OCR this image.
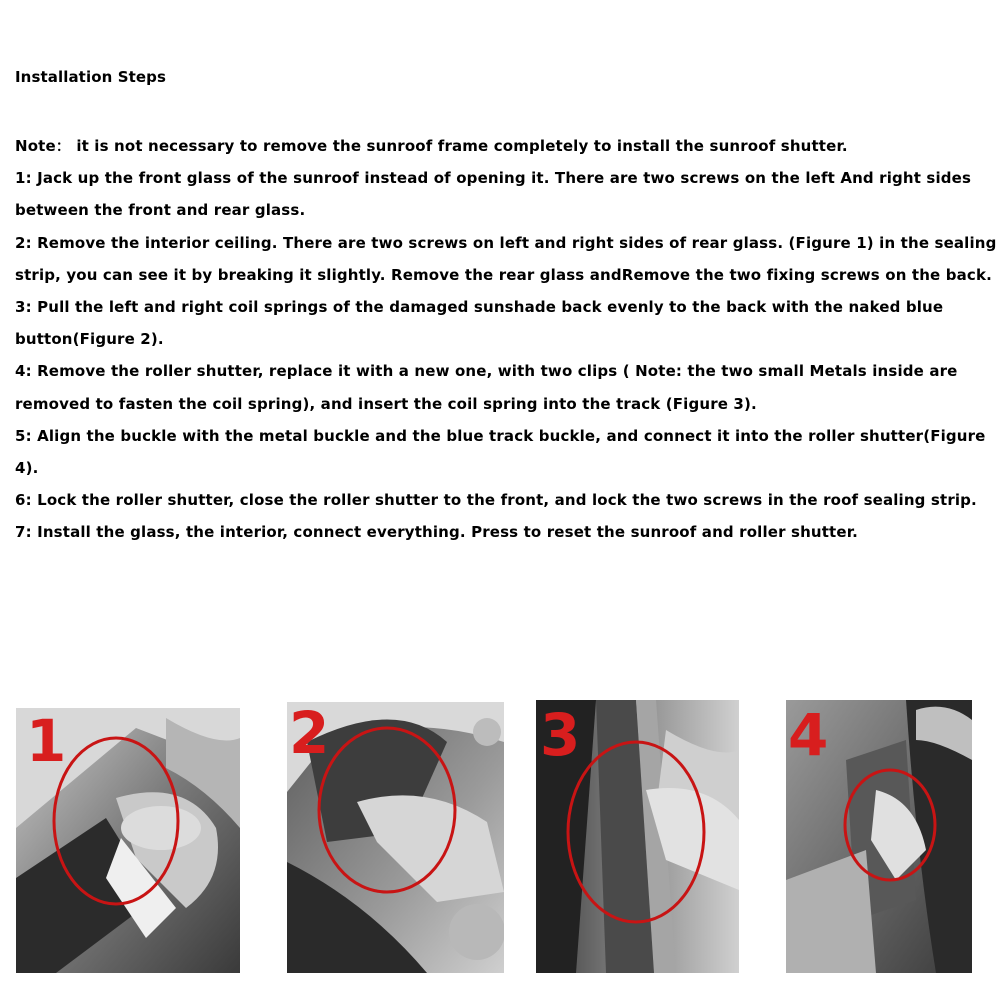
Installation Steps

Note： it is not necessary to remove the sunroof frame completely to install the sunroof shutter.

1: Jack up the front glass of the sunroof instead of opening it. There are two screws on the left And right sides between the front and rear glass.

2: Remove the interior ceiling. There are two screws on left and right sides of rear glass. (Figure 1) in the sealing strip, you can see it by breaking it slightly. Remove the rear glass andRemove the two fixing screws on the back.

3: Pull the left and right coil springs of the damaged sunshade back evenly to the back with the naked blue button(Figure 2).

4: Remove the roller shutter, replace it with a new one, with two clips ( Note: the two small Metals inside are removed to fasten the coil spring), and insert the coil spring into the track (Figure 3).

5: Align the buckle with the metal buckle and the blue track buckle, and connect it into the roller shutter(Figure 4).

6: Lock the roller shutter, close the roller shutter to the front, and lock the two screws in the roof sealing strip.

7: Install the glass, the interior, connect everything. Press to reset the sunroof and roller shutter.

1	2	3	4
